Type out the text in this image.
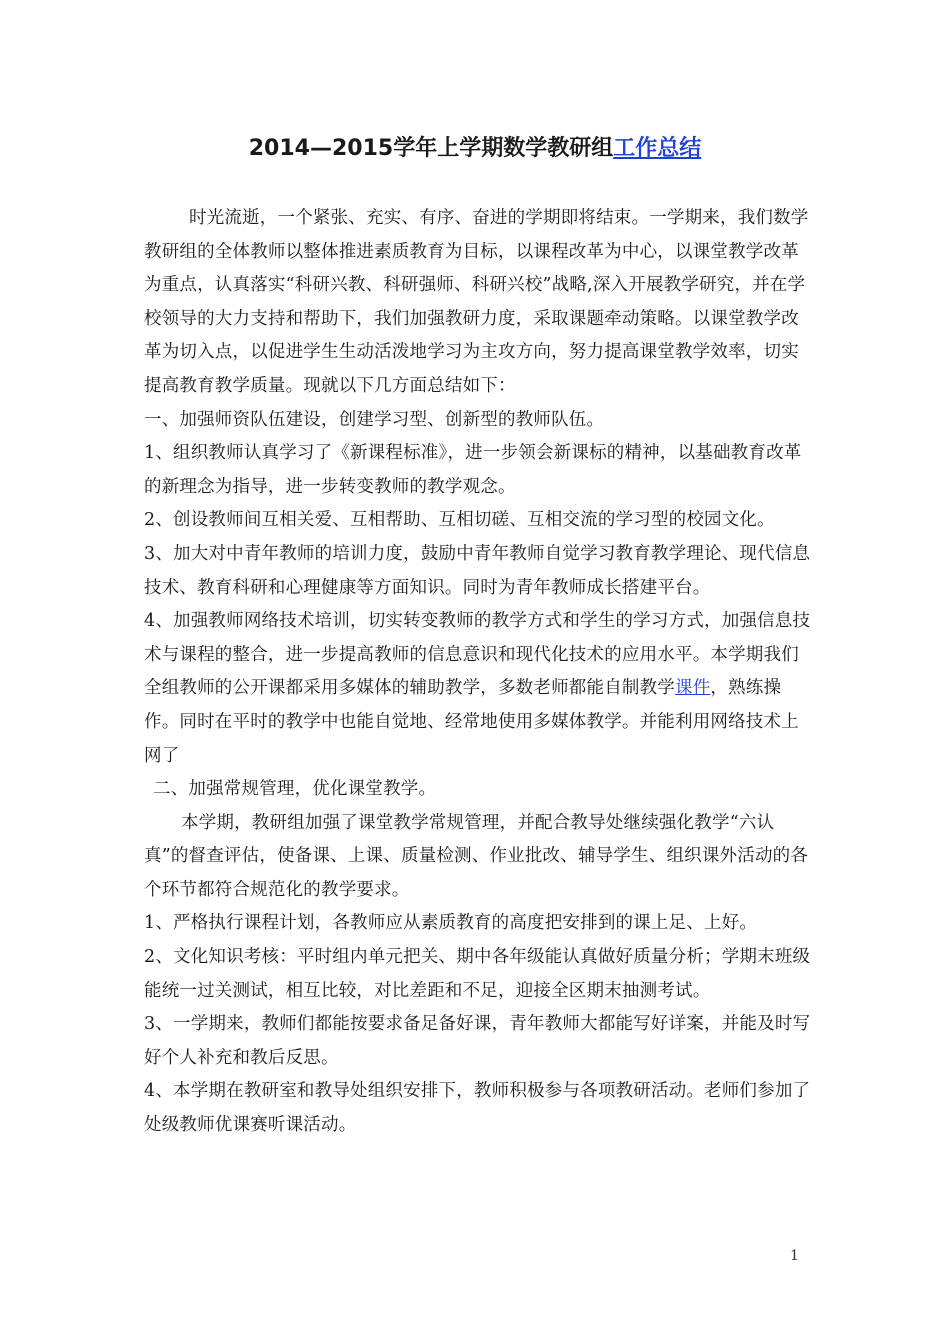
2014—2015学年上学期数学教研组工作总结

时光流逝，一个紧张、充实、有序、奋进的学期即将结束。一学期来，我们数学教研组的全体教师以整体推进素质教育为目标，以课程改革为中心，以课堂教学改革为重点，认真落实“科研兴教、科研强师、科研兴校”战略,深入开展教学研究，并在学校领导的大力支持和帮助下，我们加强教研力度，采取课题牵动策略。以课堂教学改革为切入点，以促进学生生动活泼地学习为主攻方向，努力提高课堂教学效率，切实提高教育教学质量。现就以下几方面总结如下：

一、加强师资队伍建设，创建学习型、创新型的教师队伍。

1、组织教师认真学习了《新课程标准》，进一步领会新课标的精神，以基础教育改革的新理念为指导，进一步转变教师的教学观念。

2、创设教师间互相关爱、互相帮助、互相切磋、互相交流的学习型的校园文化。

3、加大对中青年教师的培训力度，鼓励中青年教师自觉学习教育教学理论、现代信息技术、教育科研和心理健康等方面知识。同时为青年教师成长搭建平台。

4、加强教师网络技术培训，切实转变教师的教学方式和学生的学习方式，加强信息技术与课程的整合，进一步提高教师的信息意识和现代化技术的应用水平。本学期我们全组教师的公开课都采用多媒体的辅助教学，多数老师都能自制教学课件，熟练操作。同时在平时的教学中也能自觉地、经常地使用多媒体教学。并能利用网络技术上网了

二、加强常规管理，优化课堂教学。

本学期，教研组加强了课堂教学常规管理，并配合教导处继续强化教学“六认真”的督查评估，使备课、上课、质量检测、作业批改、辅导学生、组织课外活动的各个环节都符合规范化的教学要求。

1、严格执行课程计划，各教师应从素质教育的高度把安排到的课上足、上好。

2、文化知识考核：平时组内单元把关、期中各年级能认真做好质量分析；学期末班级能统一过关测试，相互比较，对比差距和不足，迎接全区期末抽测考试。

3、一学期来，教师们都能按要求备足备好课，青年教师大都能写好详案，并能及时写好个人补充和教后反思。

4、本学期在教研室和教导处组织安排下，教师积极参与各项教研活动。老师们参加了处级教师优课赛听课活动。

1
